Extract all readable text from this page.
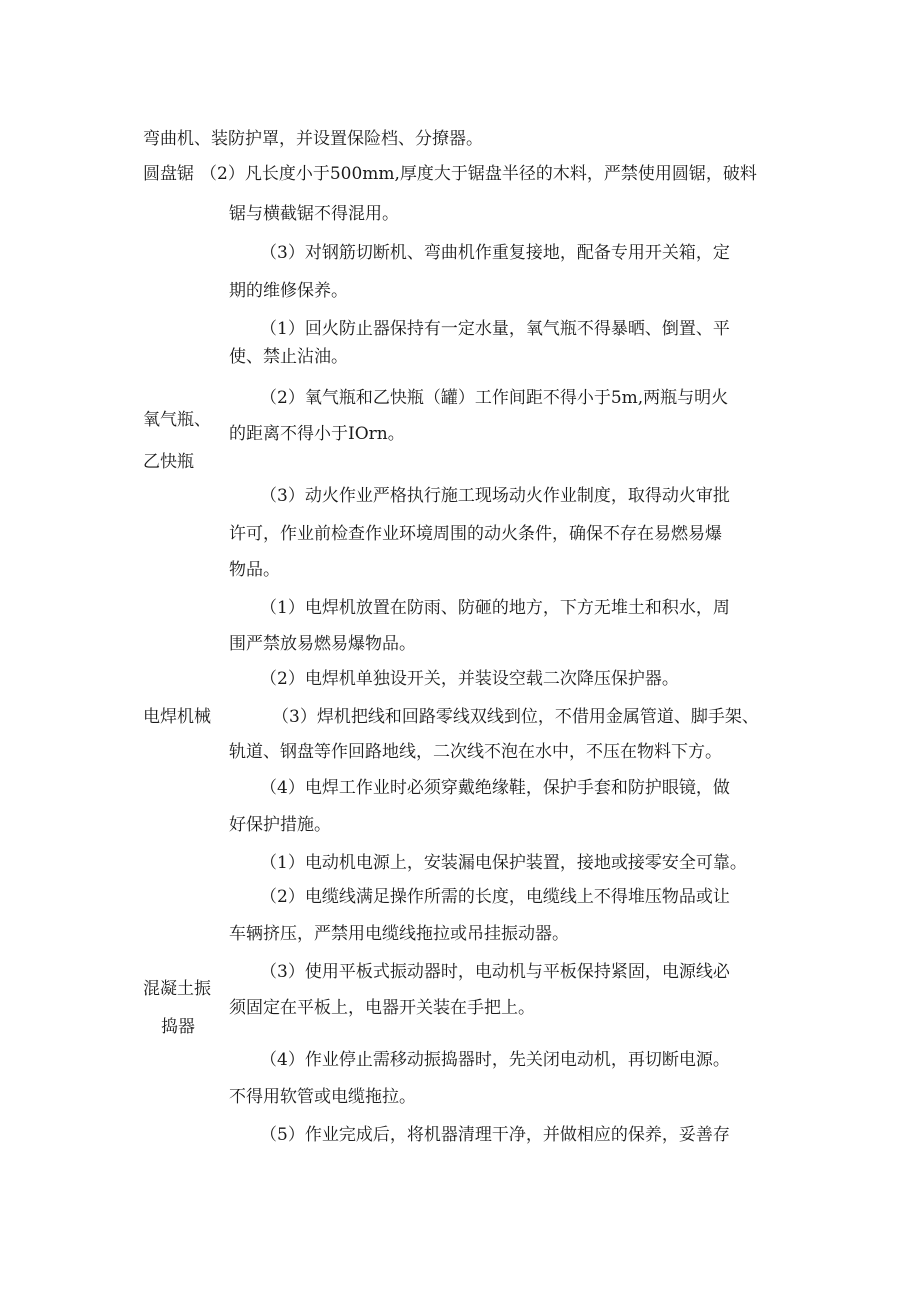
弯曲机、装防护罩，并设置保险档、分撩器。
圆盘锯 （2）凡长度小于500mm,厚度大于锯盘半径的木料，严禁使用圆锯，破料
锯与横截锯不得混用。
（3）对钢筋切断机、弯曲机作重复接地，配备专用开关箱，定
期的维修保养。
（1）回火防止器保持有一定水量，氧气瓶不得暴晒、倒置、平
使、禁止沾油。
（2）氧气瓶和乙快瓶（罐）工作间距不得小于5m,两瓶与明火
氧气瓶、
的距离不得小于IOrn。
乙快瓶
（3）动火作业严格执行施工现场动火作业制度，取得动火审批
许可，作业前检查作业环境周围的动火条件，确保不存在易燃易爆
物品。
（1）电焊机放置在防雨、防砸的地方，下方无堆土和积水，周
围严禁放易燃易爆物品。
（2）电焊机单独设开关，并装设空载二次降压保护器。
电焊机械	（3）焊机把线和回路零线双线到位，不借用金属管道、脚手架、
轨道、钢盘等作回路地线，二次线不泡在水中，不压在物料下方。
（4）电焊工作业时必须穿戴绝缘鞋，保护手套和防护眼镜，做
好保护措施。
（1）电动机电源上，安装漏电保护装置，接地或接零安全可靠。
（2）电缆线满足操作所需的长度，电缆线上不得堆压物品或让
车辆挤压，严禁用电缆线拖拉或吊挂振动器。
（3）使用平板式振动器时，电动机与平板保持紧固，电源线必
混凝土振
须固定在平板上，电器开关装在手把上。
捣器
（4）作业停止需移动振捣器时，先关闭电动机，再切断电源。
不得用软管或电缆拖拉。
（5）作业完成后，将机器清理干净，并做相应的保养，妥善存
